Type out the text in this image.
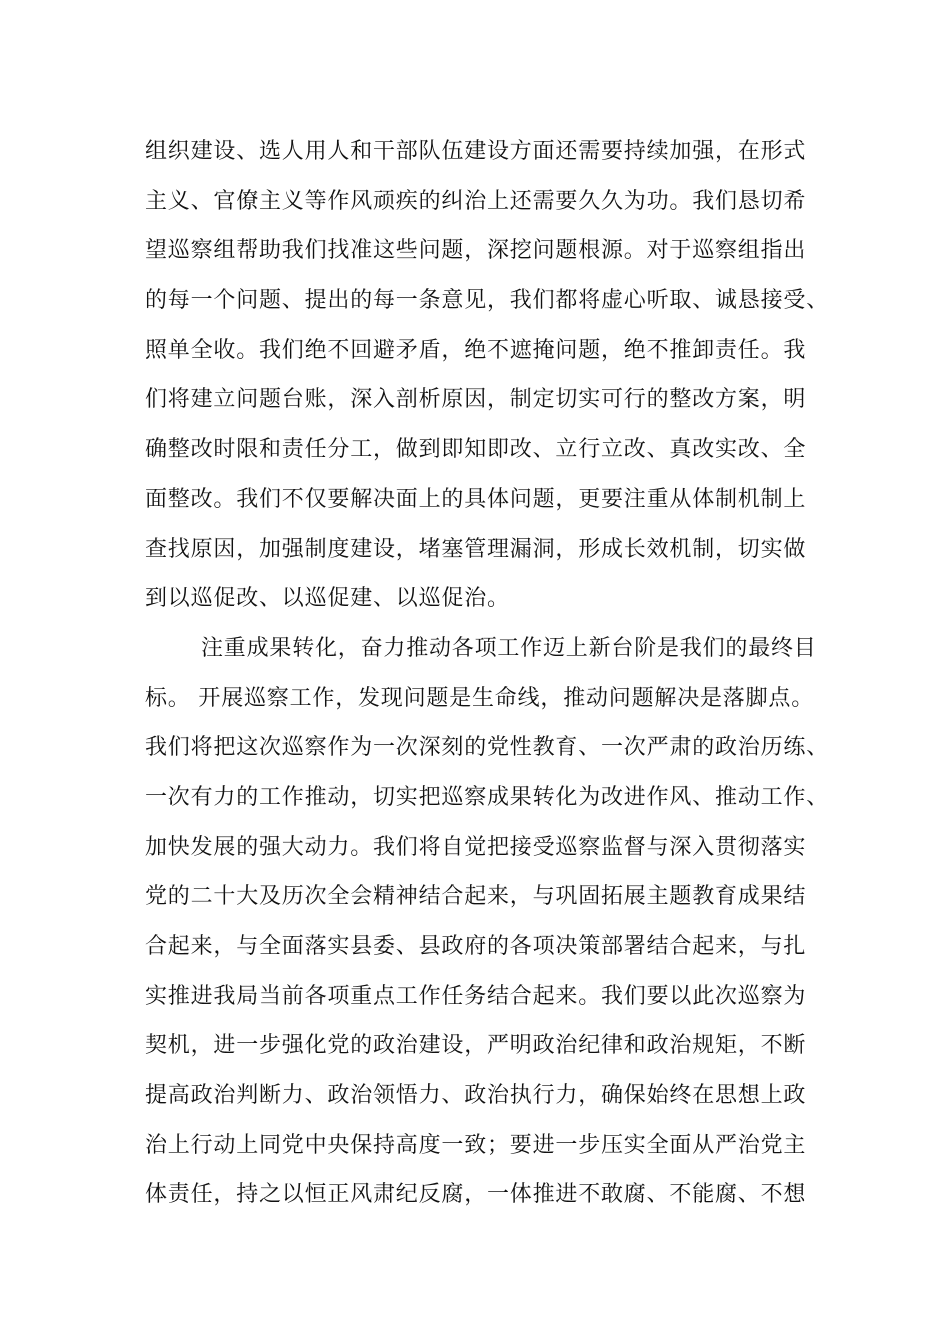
组织建设、选人用人和干部队伍建设方面还需要持续加强，在形式
主义、官僚主义等作风顽疾的纠治上还需要久久为功。我们恳切希
望巡察组帮助我们找准这些问题，深挖问题根源。对于巡察组指出
的每一个问题、提出的每一条意见，我们都将虚心听取、诚恳接受、
照单全收。我们绝不回避矛盾，绝不遮掩问题，绝不推卸责任。我
们将建立问题台账，深入剖析原因，制定切实可行的整改方案，明
确整改时限和责任分工，做到即知即改、立行立改、真改实改、全
面整改。我们不仅要解决面上的具体问题，更要注重从体制机制上
查找原因，加强制度建设，堵塞管理漏洞，形成长效机制，切实做
到以巡促改、以巡促建、以巡促治。
注重成果转化，奋力推动各项工作迈上新台阶是我们的最终目
标。 开展巡察工作，发现问题是生命线，推动问题解决是落脚点。
我们将把这次巡察作为一次深刻的党性教育、一次严肃的政治历练、
一次有力的工作推动，切实把巡察成果转化为改进作风、推动工作、
加快发展的强大动力。我们将自觉把接受巡察监督与深入贯彻落实
党的二十大及历次全会精神结合起来，与巩固拓展主题教育成果结
合起来，与全面落实县委、县政府的各项决策部署结合起来，与扎
实推进我局当前各项重点工作任务结合起来。我们要以此次巡察为
契机，进一步强化党的政治建设，严明政治纪律和政治规矩，不断
提高政治判断力、政治领悟力、政治执行力，确保始终在思想上政
治上行动上同党中央保持高度一致；要进一步压实全面从严治党主
体责任，持之以恒正风肃纪反腐，一体推进不敢腐、不能腐、不想
